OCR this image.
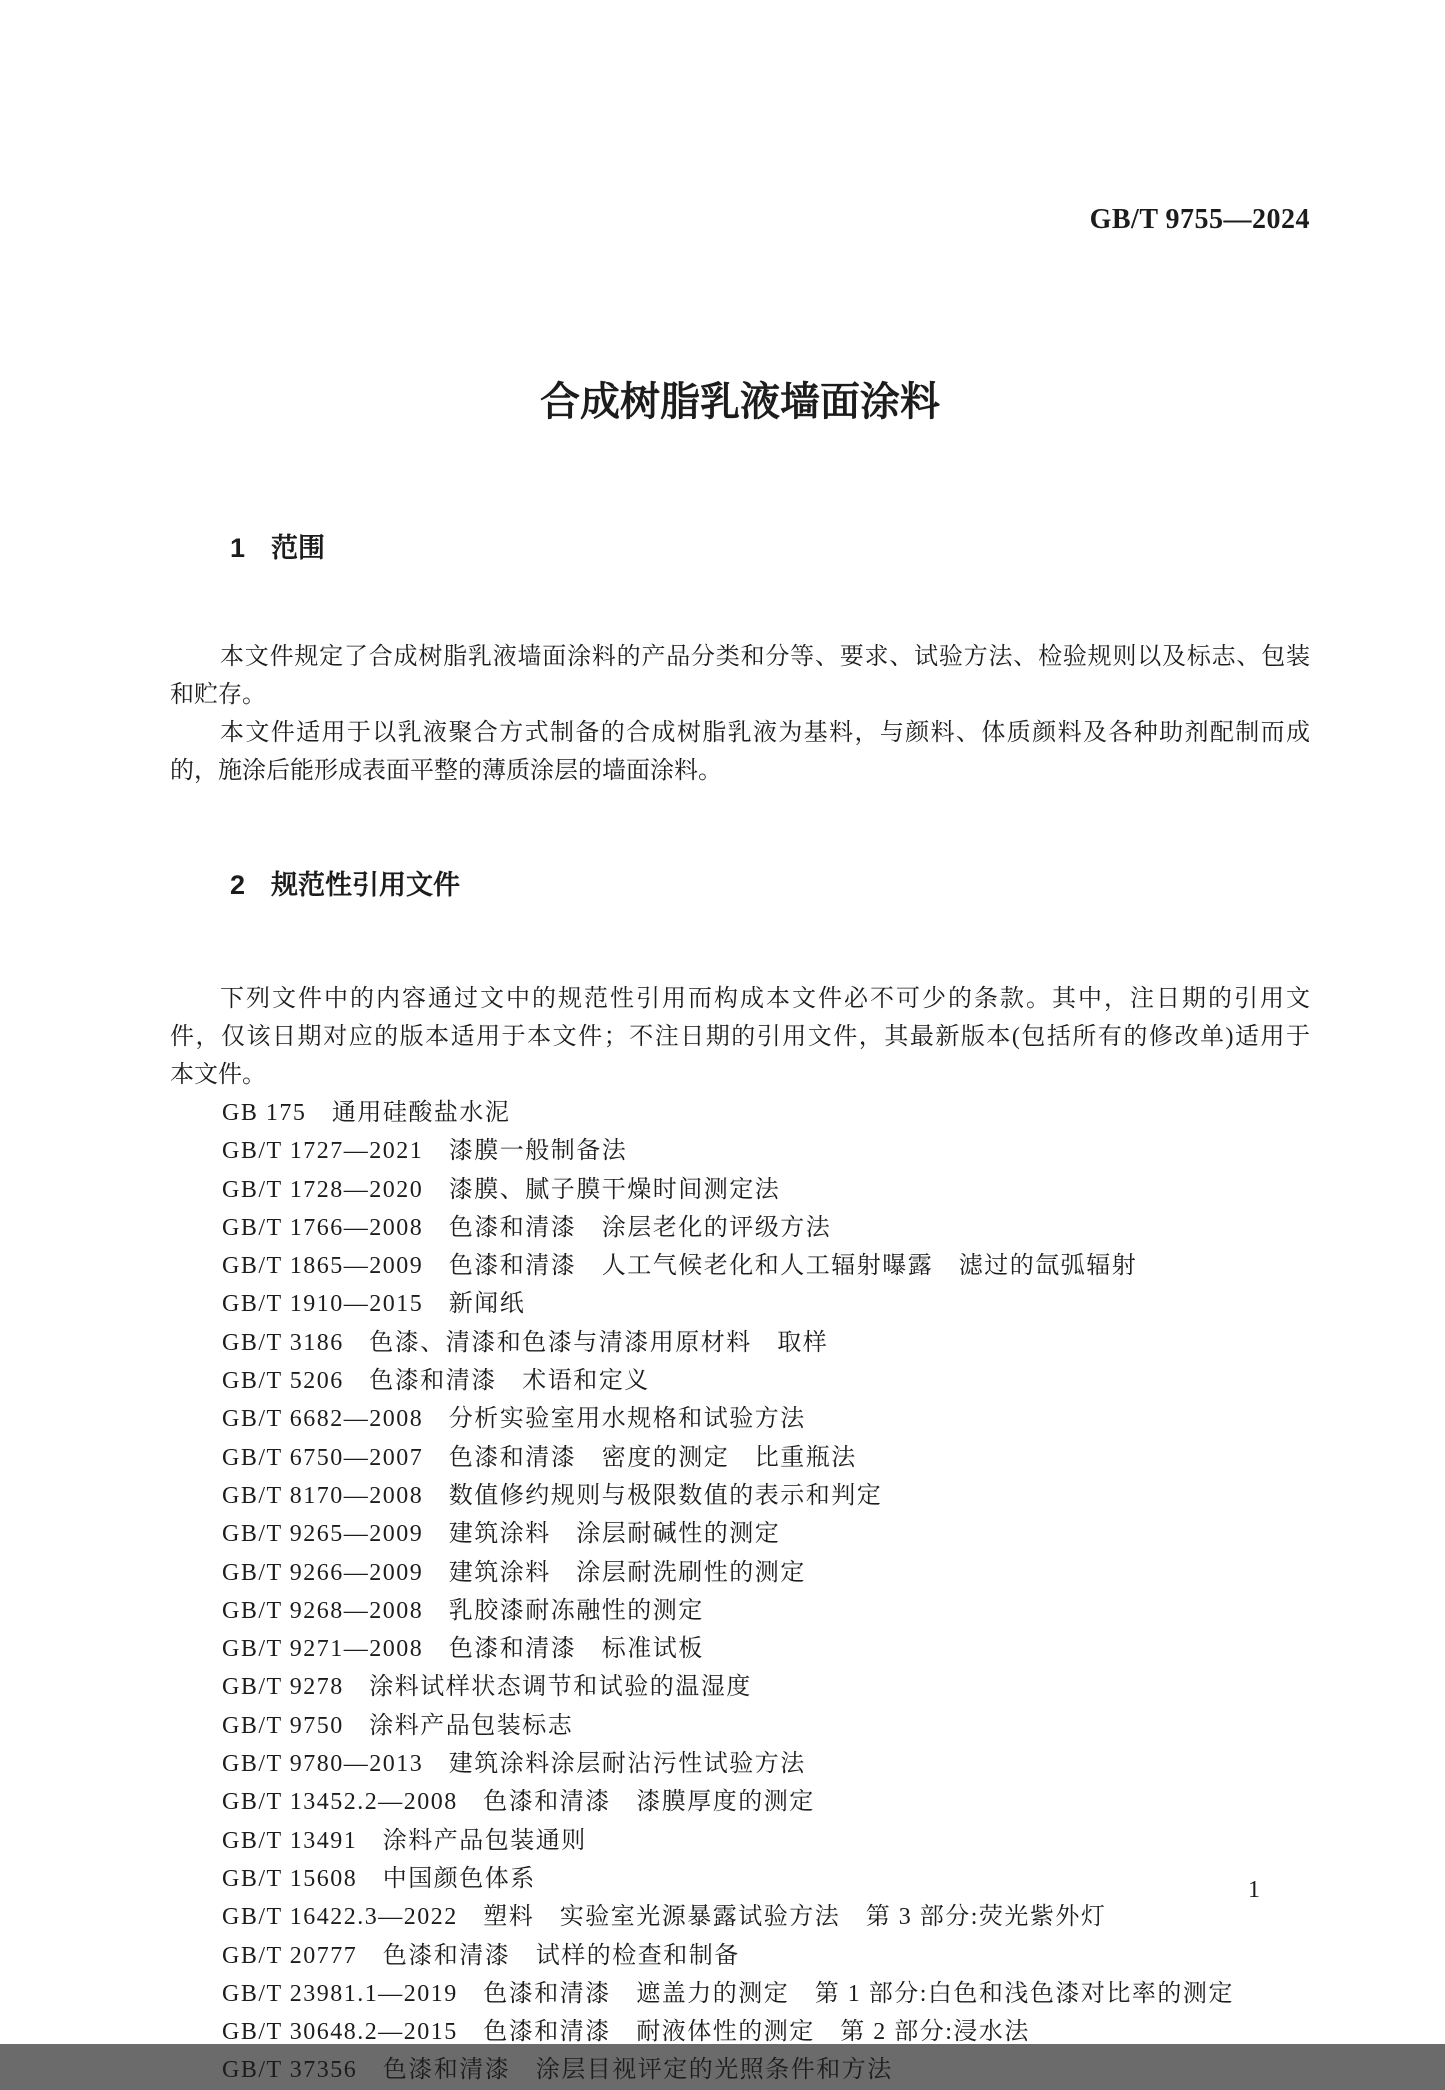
GB/T 9755—2024

合成树脂乳液墙面涂料

1 范围

本文件规定了合成树脂乳液墙面涂料的产品分类和分等、要求、试验方法、检验规则以及标志、包装
和贮存。
本文件适用于以乳液聚合方式制备的合成树脂乳液为基料，与颜料、体质颜料及各种助剂配制而成
的，施涂后能形成表面平整的薄质涂层的墙面涂料。

2 规范性引用文件

下列文件中的内容通过文中的规范性引用而构成本文件必不可少的条款。其中，注日期的引用文
件，仅该日期对应的版本适用于本文件；不注日期的引用文件，其最新版本(包括所有的修改单)适用于
本文件。
GB 175　通用硅酸盐水泥
GB/T 1727—2021　漆膜一般制备法
GB/T 1728—2020　漆膜、腻子膜干燥时间测定法
GB/T 1766—2008　色漆和清漆　涂层老化的评级方法
GB/T 1865—2009　色漆和清漆　人工气候老化和人工辐射曝露　滤过的氙弧辐射
GB/T 1910—2015　新闻纸
GB/T 3186　色漆、清漆和色漆与清漆用原材料　取样
GB/T 5206　色漆和清漆　术语和定义
GB/T 6682—2008　分析实验室用水规格和试验方法
GB/T 6750—2007　色漆和清漆　密度的测定　比重瓶法
GB/T 8170—2008　数值修约规则与极限数值的表示和判定
GB/T 9265—2009　建筑涂料　涂层耐碱性的测定
GB/T 9266—2009　建筑涂料　涂层耐洗刷性的测定
GB/T 9268—2008　乳胶漆耐冻融性的测定
GB/T 9271—2008　色漆和清漆　标准试板
GB/T 9278　涂料试样状态调节和试验的温湿度
GB/T 9750　涂料产品包装标志
GB/T 9780—2013　建筑涂料涂层耐沾污性试验方法
GB/T 13452.2—2008　色漆和清漆　漆膜厚度的测定
GB/T 13491　涂料产品包装通则
GB/T 15608　中国颜色体系
GB/T 16422.3—2022　塑料　实验室光源暴露试验方法　第 3 部分:荧光紫外灯
GB/T 20777　色漆和清漆　试样的检查和制备
GB/T 23981.1—2019　色漆和清漆　遮盖力的测定　第 1 部分:白色和浅色漆对比率的测定
GB/T 30648.2—2015　色漆和清漆　耐液体性的测定　第 2 部分:浸水法
GB/T 37356　色漆和清漆　涂层目视评定的光照条件和方法
1
